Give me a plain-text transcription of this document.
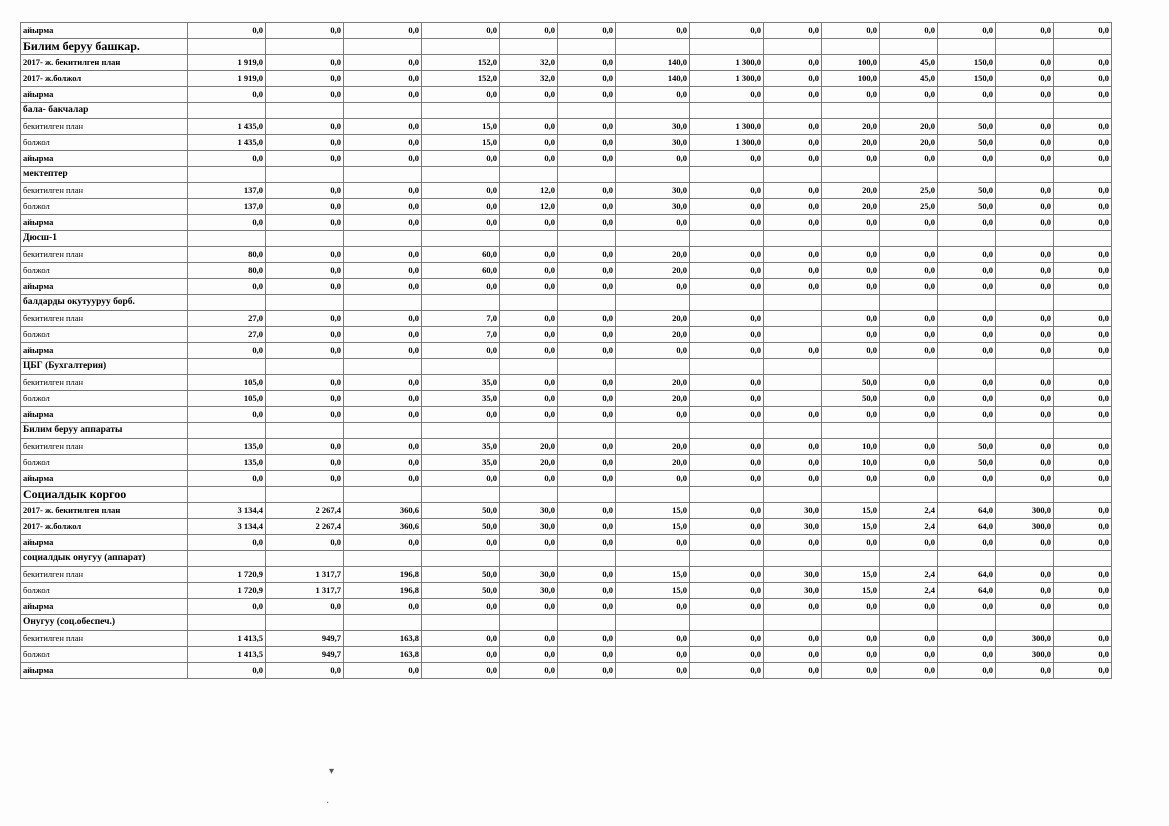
айырма	0,0	0,0	0,0	0,0	0,0	0,0	0,0	0,0	0,0	0,0	0,0	0,0	0,0	0,0
Билим беруу башкар.														
2017- ж. бекитилген план	1 919,0	0,0	0,0	152,0	32,0	0,0	140,0	1 300,0	0,0	100,0	45,0	150,0	0,0	0,0
2017- ж.болжол	1 919,0	0,0	0,0	152,0	32,0	0,0	140,0	1 300,0	0,0	100,0	45,0	150,0	0,0	0,0
айырма	0,0	0,0	0,0	0,0	0,0	0,0	0,0	0,0	0,0	0,0	0,0	0,0	0,0	0,0
бала- бакчалар														
бекитилген план	1 435,0	0,0	0,0	15,0	0,0	0,0	30,0	1 300,0	0,0	20,0	20,0	50,0	0,0	0,0
болжол	1 435,0	0,0	0,0	15,0	0,0	0,0	30,0	1 300,0	0,0	20,0	20,0	50,0	0,0	0,0
айырма	0,0	0,0	0,0	0,0	0,0	0,0	0,0	0,0	0,0	0,0	0,0	0,0	0,0	0,0
мектептер														
бекитилген план	137,0	0,0	0,0	0,0	12,0	0,0	30,0	0,0	0,0	20,0	25,0	50,0	0,0	0,0
болжол	137,0	0,0	0,0	0,0	12,0	0,0	30,0	0,0	0,0	20,0	25,0	50,0	0,0	0,0
айырма	0,0	0,0	0,0	0,0	0,0	0,0	0,0	0,0	0,0	0,0	0,0	0,0	0,0	0,0
Дюсш-1														
бекитилген план	80,0	0,0	0,0	60,0	0,0	0,0	20,0	0,0	0,0	0,0	0,0	0,0	0,0	0,0
болжол	80,0	0,0	0,0	60,0	0,0	0,0	20,0	0,0	0,0	0,0	0,0	0,0	0,0	0,0
айырма	0,0	0,0	0,0	0,0	0,0	0,0	0,0	0,0	0,0	0,0	0,0	0,0	0,0	0,0
балдарды окутууруу борб.														
бекитилген план	27,0	0,0	0,0	7,0	0,0	0,0	20,0	0,0		0,0	0,0	0,0	0,0	0,0
болжол	27,0	0,0	0,0	7,0	0,0	0,0	20,0	0,0		0,0	0,0	0,0	0,0	0,0
айырма	0,0	0,0	0,0	0,0	0,0	0,0	0,0	0,0	0,0	0,0	0,0	0,0	0,0	0,0
ЦБГ (Бухгалтерия)														
бекитилген план	105,0	0,0	0,0	35,0	0,0	0,0	20,0	0,0		50,0	0,0	0,0	0,0	0,0
болжол	105,0	0,0	0,0	35,0	0,0	0,0	20,0	0,0		50,0	0,0	0,0	0,0	0,0
айырма	0,0	0,0	0,0	0,0	0,0	0,0	0,0	0,0	0,0	0,0	0,0	0,0	0,0	0,0
Билим беруу аппараты														
бекитилген план	135,0	0,0	0,0	35,0	20,0	0,0	20,0	0,0	0,0	10,0	0,0	50,0	0,0	0,0
болжол	135,0	0,0	0,0	35,0	20,0	0,0	20,0	0,0	0,0	10,0	0,0	50,0	0,0	0,0
айырма	0,0	0,0	0,0	0,0	0,0	0,0	0,0	0,0	0,0	0,0	0,0	0,0	0,0	0,0
Социалдык коргоо														
2017- ж. бекитилген план	3 134,4	2 267,4	360,6	50,0	30,0	0,0	15,0	0,0	30,0	15,0	2,4	64,0	300,0	0,0
2017- ж.болжол	3 134,4	2 267,4	360,6	50,0	30,0	0,0	15,0	0,0	30,0	15,0	2,4	64,0	300,0	0,0
айырма	0,0	0,0	0,0	0,0	0,0	0,0	0,0	0,0	0,0	0,0	0,0	0,0	0,0	0,0
социалдык онугуу (аппарат)														
бекитилген план	1 720,9	1 317,7	196,8	50,0	30,0	0,0	15,0	0,0	30,0	15,0	2,4	64,0	0,0	0,0
болжол	1 720,9	1 317,7	196,8	50,0	30,0	0,0	15,0	0,0	30,0	15,0	2,4	64,0	0,0	0,0
айырма	0,0	0,0	0,0	0,0	0,0	0,0	0,0	0,0	0,0	0,0	0,0	0,0	0,0	0,0
Онугуу (соц.обеспеч.)														
бекитилген план	1 413,5	949,7	163,8	0,0	0,0	0,0	0,0	0,0	0,0	0,0	0,0	0,0	300,0	0,0
болжол	1 413,5	949,7	163,8	0,0	0,0	0,0	0,0	0,0	0,0	0,0	0,0	0,0	300,0	0,0
айырма	0,0	0,0	0,0	0,0	0,0	0,0	0,0	0,0	0,0	0,0	0,0	0,0	0,0	0,0
▾
·
